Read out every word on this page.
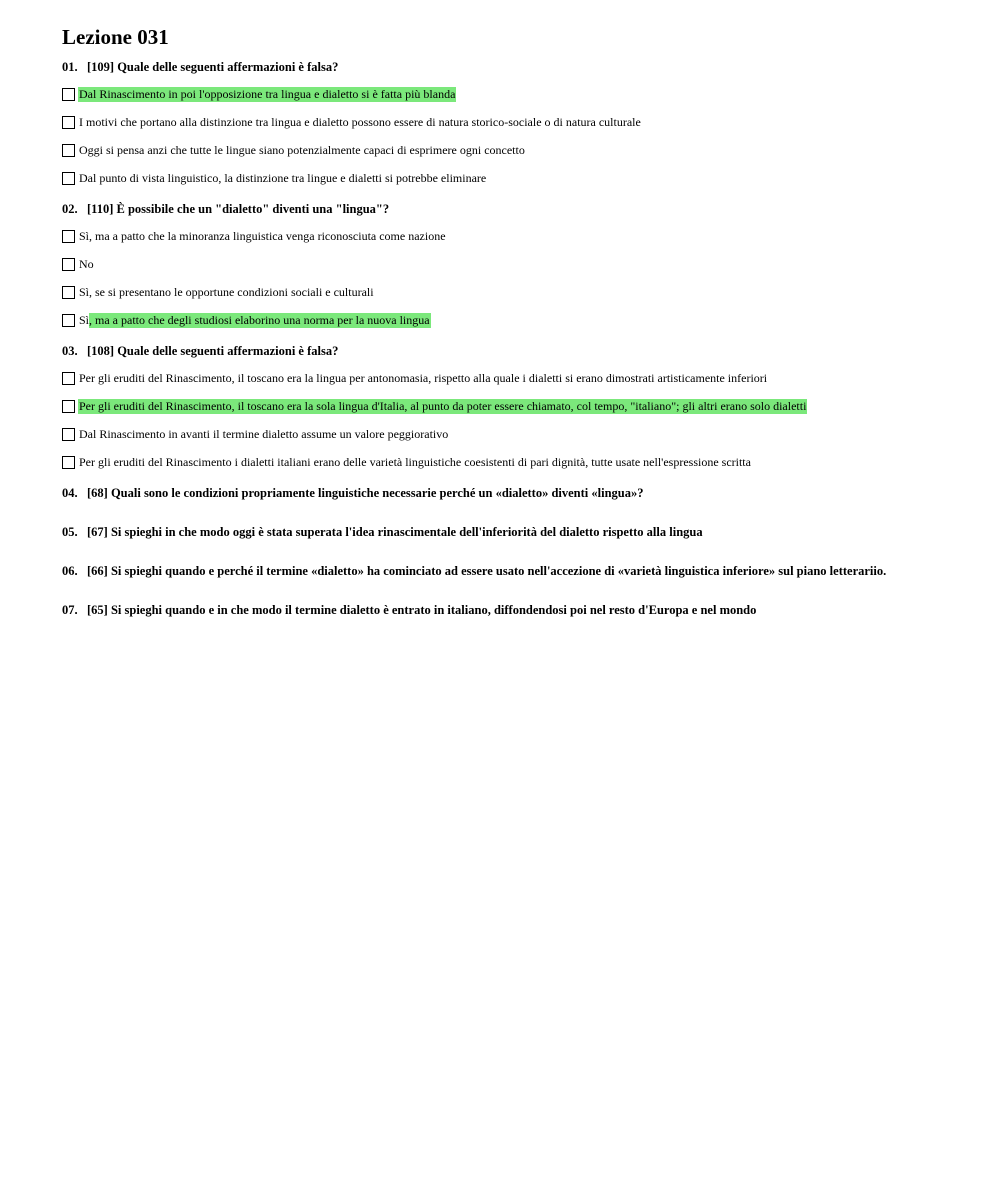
Lezione 031
01. [109] Quale delle seguenti affermazioni è falsa?
Dal Rinascimento in poi l'opposizione tra lingua e dialetto si è fatta più blanda
I motivi che portano alla distinzione tra lingua e dialetto possono essere di natura storico-sociale o di natura culturale
Oggi si pensa anzi che tutte le lingue siano potenzialmente capaci di esprimere ogni concetto
Dal punto di vista linguistico, la distinzione tra lingue e dialetti si potrebbe eliminare
02. [110] È possibile che un "dialetto" diventi una "lingua"?
Sì, ma a patto che la minoranza linguistica venga riconosciuta come nazione
No
Sì, se si presentano le opportune condizioni sociali e culturali
Sì , ma a patto che degli studiosi elaborino una norma per la nuova lingua
03. [108] Quale delle seguenti affermazioni è falsa?
Per gli eruditi del Rinascimento, il toscano era la lingua per antonomasia, rispetto alla quale i dialetti si erano dimostrati artisticamente inferiori
Per gli eruditi del Rinascimento, il toscano era la sola lingua d'Italia, al punto da poter essere chiamato, col tempo, "italiano"; gli altri erano solo dialetti
Dal Rinascimento in avanti il termine dialetto assume un valore peggiorativo
Per gli eruditi del Rinascimento i dialetti italiani erano delle varietà linguistiche coesistenti di pari dignità, tutte usate nell'espressione scritta
04. [68] Quali sono le condizioni propriamente linguistiche necessarie perché un «dialetto» diventi «lingua»?
05. [67] Si spieghi in che modo oggi è stata superata l'idea rinascimentale dell'inferiorità del dialetto rispetto alla lingua
06. [66] Si spieghi quando e perché il termine «dialetto» ha cominciato ad essere usato nell'accezione di «varietà linguistica inferiore» sul piano letterariio.
07. [65] Si spieghi quando e in che modo il termine dialetto è entrato in italiano, diffondendosi poi nel resto d'Europa e nel mondo
